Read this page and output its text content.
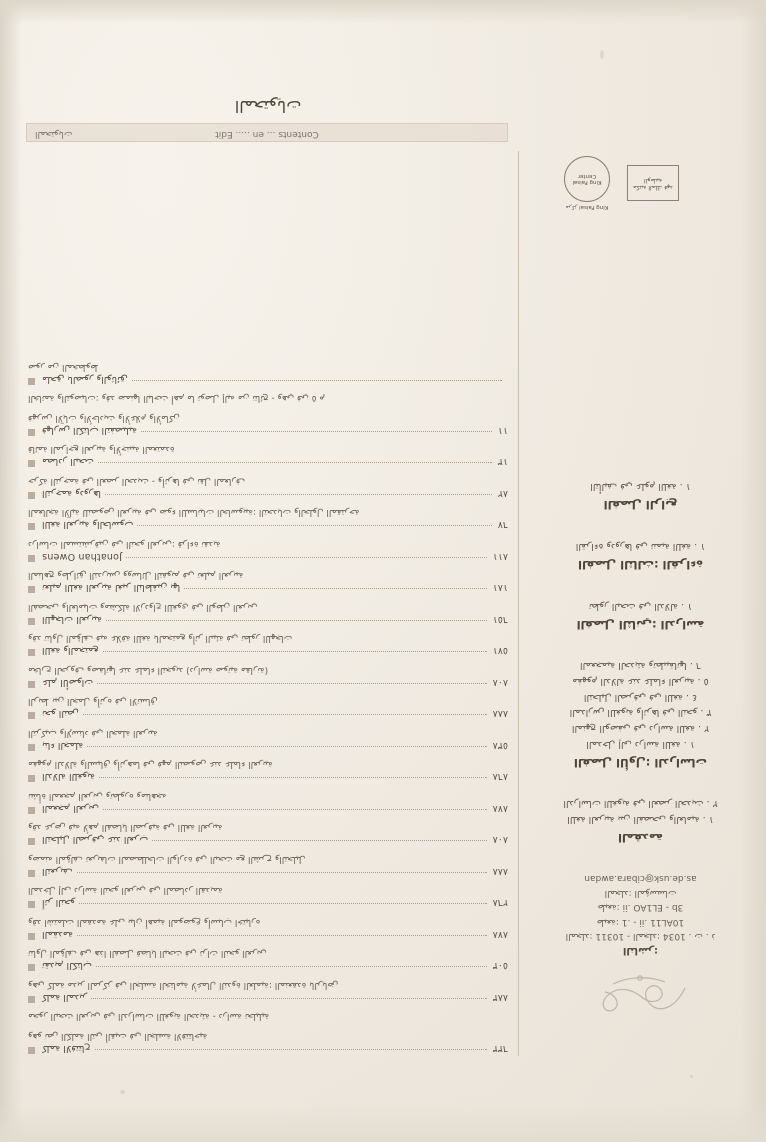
الناشر:
المجلد: 10311 - المجلد: 1034 . ت . ذ
طبعة: 1. - 10AL11 .ii
طبعة: 3b - EL1AO .ii
المجلد: المؤسسات
as.de.usk@cibara.awdan
المقدمة
اللغة العربية بين الفصحى والعامية . ١
الدراسات اللغوية في العصر الحديث . ٢
الفصل الأول: الدراسات
المدخل إلى دراسة اللغة . ١
المنهج الوصفي في دراسة اللغة . ٢
المدارس اللغوية وأثرها في النحو . ٣
التحليل الصرفي في اللغة . ٤
مفهوم الدلالة عند علماء العربية . ٥
المعجمية الحديثة وتطبيقاتها . ٦
الفصل الثاني: الدراسة
تطور البحث في الدلالة . ١
الفصل الثالث: القراءة
القراءة ودورها في تنمية اللغة . ١
الفصل الرابع
التأليف في علوم اللغة . ١
مكتبة الملك فهد الوطنية
King Faisal مركز
King Faisal Center
كلمة الافتتاح	٦٣٣
وهو نص الكلمة التي ألقيت في الجلسة الافتتاحية
محور البحث العربي في الدراسات اللغوية الحديثة - دراسة تحليلية
كلمة المدير	٨٨٣
وهي كلمة مدير المركز في الجلسة الختامية لأعمال الندوة العلمية: المنعقدة بالرياض
تقديم الكتاب	٥٠٣
تناول المؤلف في هذا الفصل قضايا البحث في تراث النحو العربي
المقدمة	٨٧٨
وقد اشتملت المقدمة على بيان أهمية الموضوع وأسباب اختياره
أثر النحو	٢٦٨
المدخل إلى دراسة النحو العربي في المصادر القديمة
التعريف	٨٨٨
وضمنه المؤلف تعريفات المصطلحات الواردة في البحث مع الشرح والتحليل
التحليل الصرفي عند العرب	٨٠٨
وقد عرض فيه لأهم القضايا الصرفية في اللغة العربية
المعجم العربي	٨٧٨
نشأة المعجم العربي وتطوره ومناهجه
الدلالة اللغوية	٨٦٨
مفهوم الدلالة والسياق وأثرهما في فهم النصوص عند علماء العربية
بناء الجملة	٥٣٨
التركيب والإسناد في الجملة العربية
نحو النص	٨٨٨
الربط بين الجمل وأثره في الاتساق
علم الأصوات	٨٠٨
مخارج الحروف وصفاتها عند علماء التجويد (دراسة صوتية مقارنة)
اللغة والمجتمع	٥٧١
وقد تناول المؤلف فيه علاقة اللغة بالمجتمع وأثر البيئة في تطور اللهجات
اللهجات العربية	٦٥١
الفصحى والعاميات ومشكلة الازدواج اللغوي في الوطن العربي
تعليم اللغة العربية لغير الناطقين بها	١٨١
المناهج وطرائق التدريس ووسائل التقويم في تعليم العربية
Jonathan Owens	٨١١
دراسات المستشرقين في النحو العربي: قراءة نقدية
اللغة العربية والحاسوب	٦٧
المعالجة الآلية للنصوص العربية في ضوء اللسانيات الحاسوبية: التحديات والحلول المقترحة
الترجمة ودورها	٨٢
حركة الترجمة في العصر الحديث - وأثرها في نقل المعارف
مصادر البحث	١٣
قائمة المراجع العربية والأجنبية المعتمدة
فهارس الكتاب التفصيلية	١١
فهرس الآيات والأحاديث والأعلام والأماكن
الخاتمة والتوصيات: وقد ضمنها الباحث أهم ما توصل إليه من نتائج - وهي في ٥ م
ملحق بالصور والوثائق
صور من المخطوط
المحتويات	Contents ... en ..... Edit
المحتويات
